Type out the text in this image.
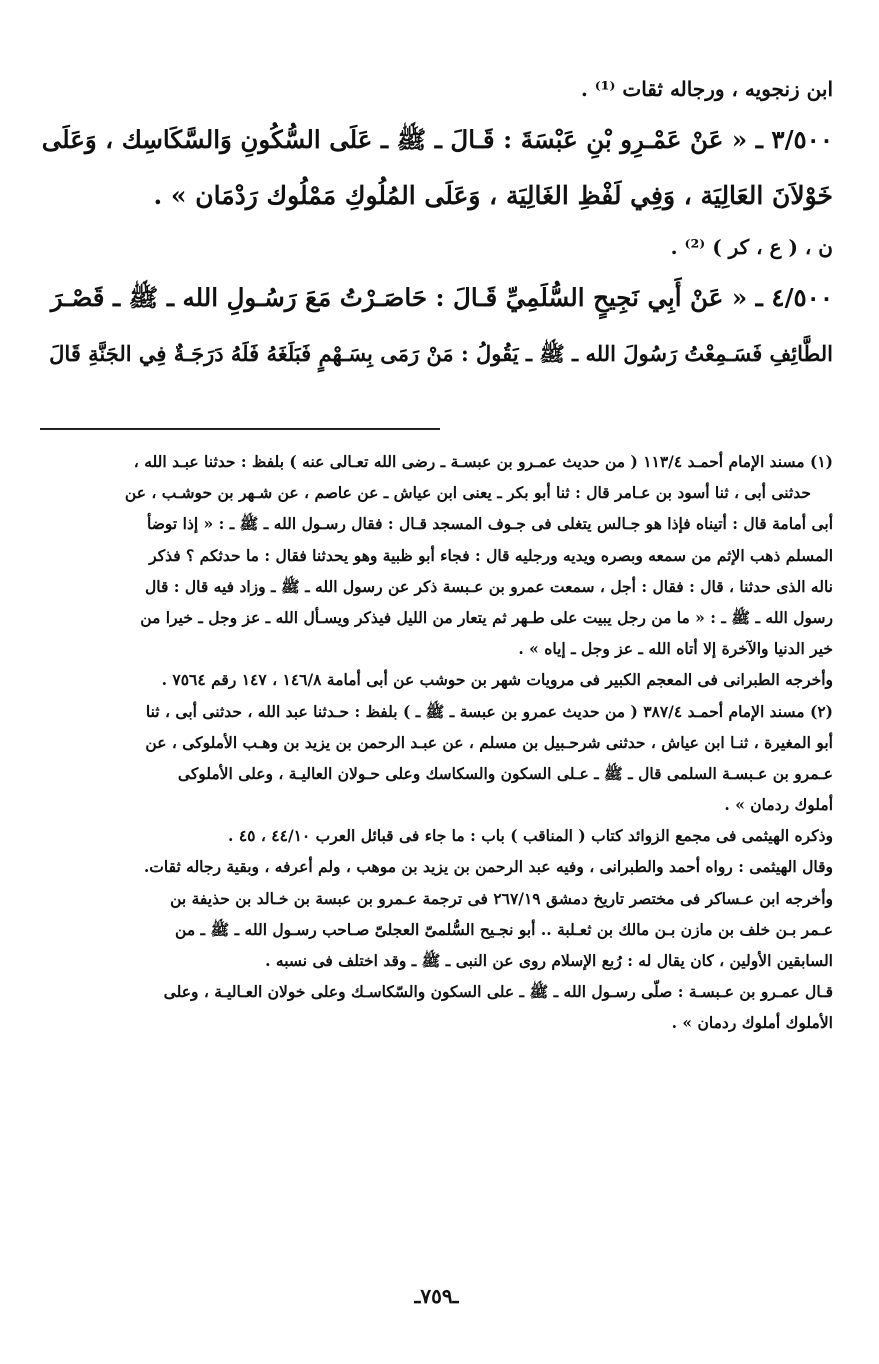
ابن زنجويه ، ورجاله ثقات ⁽¹⁾ .
٣/٥٠٠ ـ « عَنْ عَمْـرِو بْنِ عَبْسَةَ : قَـالَ ـ ﷺ ـ عَلَى السُّكُونِ وَالسَّكَاسِك ، وَعَلَى
خَوْلاَنَ العَالِيَة ، وَفِي لَفْظِ الغَالِيَة ، وَعَلَى المُلُوكِ مَمْلُوك رَدْمَان » .
ن ، ( ع ، كر ) ⁽²⁾ .
٤/٥٠٠ ـ « عَنْ أَبِي نَجِيحٍ السُّلَمِيِّ قَـالَ : حَاصَـرْتُ مَعَ رَسُـولِ الله ـ ﷺ ـ قَصْـرَ
الطَّائِفِ فَسَـمِعْتُ رَسُولَ الله ـ ﷺ ـ يَقُولُ : مَنْ رَمَى بِسَـهْمٍ فَبَلَغَهُ فَلَهُ دَرَجَـةٌ فِي الجَنَّةِ قَالَ
(١) مسند الإمام أحمـد ١١٣/٤ ( من حديث عمـرو بن عبسـة ـ رضى الله تعـالى عنه ) بلفظ : حدثنا عبـد الله ،
حدثنى أبى ، ثنا أسود بن عـامر قال : ثنا أبو بكر ـ يعنى ابن عياش ـ عن عاصم ، عن شـهر بن حوشـب ، عن
أبى أمامة قال : أتيناه فإذا هو جـالس يتغلى فى جـوف المسجد قـال : فقال رسـول الله ـ ﷺ ـ : « إذا توضأ
المسلم ذهب الإثم من سمعه وبصره ويديه ورجليه قال : فجاء أبو ظبية وهو يحدثنا فقال : ما حدثكم ؟ فذكر
ناله الذى حدثنا ، قال : فقال : أجل ، سمعت عمرو بن عـبسة ذكر عن رسول الله ـ ﷺ ـ وزاد فيه قال : قال
رسول الله ـ ﷺ ـ : « ما من رجل يبيت على طـهر ثم يتعار من الليل فيذكر ويسـأل الله ـ عز وجل ـ خيرا من
خير الدنيا والآخرة إلا أتاه الله ـ عز وجل ـ إياه » .
وأخرجه الطبرانى فى المعجم الكبير فى مرويات شهر بن حوشب عن أبى أمامة ١٤٦/٨ ، ١٤٧ رقم ٧٥٦٤ .
(٢) مسند الإمام أحمـد ٣٨٧/٤ ( من حديث عمرو بن عبسة ـ ﷺ ـ ) بلفظ : حـدثنا عبد الله ، حدثنى أبى ، ثنا
أبو المغيرة ، ثنـا ابن عياش ، حدثنى شرحـبيل بن مسلم ، عن عبـد الرحمن بن يزيد بن وهـب الأملوكى ، عن
عـمرو بن عـبسـة السلمى قال ـ ﷺ ـ عـلى السكون والسكاسك وعلى حـولان العاليـة ، وعلى الأملوكى
أملوك ردمان » .
وذكره الهيثمى فى مجمع الزوائد كتاب ( المناقب ) باب : ما جاء فى قبائل العرب ٤٤/١٠ ، ٤٥ .
وقال الهيثمى : رواه أحمد والطبرانى ، وفيه عبد الرحمن بن يزيد بن موهب ، ولم أعرفه ، وبقية رجاله ثقات.
وأخرجه ابن عـساكر فى مختصر تاريخ دمشق ٢٦٧/١٩ فى ترجمة عـمرو بن عبسة بن خـالد بن حذيفة بن
عـمر بـن خلف بن مازن بـن مالك بن ثعـلبة .. أبو نجـيح السُّلمىّ العجلىّ صـاحب رسـول الله ـ ﷺ ـ من
السابقين الأولين ، كان يقال له : رُبع الإسلام روى عن النبى ـ ﷺ ـ وقد اختلف فى نسبه .
قـال عمـرو بن عـبسـة : صلّى رسـول الله ـ ﷺ ـ على السكون والسّكاسـك وعلى خولان العـاليـة ، وعلى
الأملوك أملوك ردمان » .
ـ٧٥٩ـ
